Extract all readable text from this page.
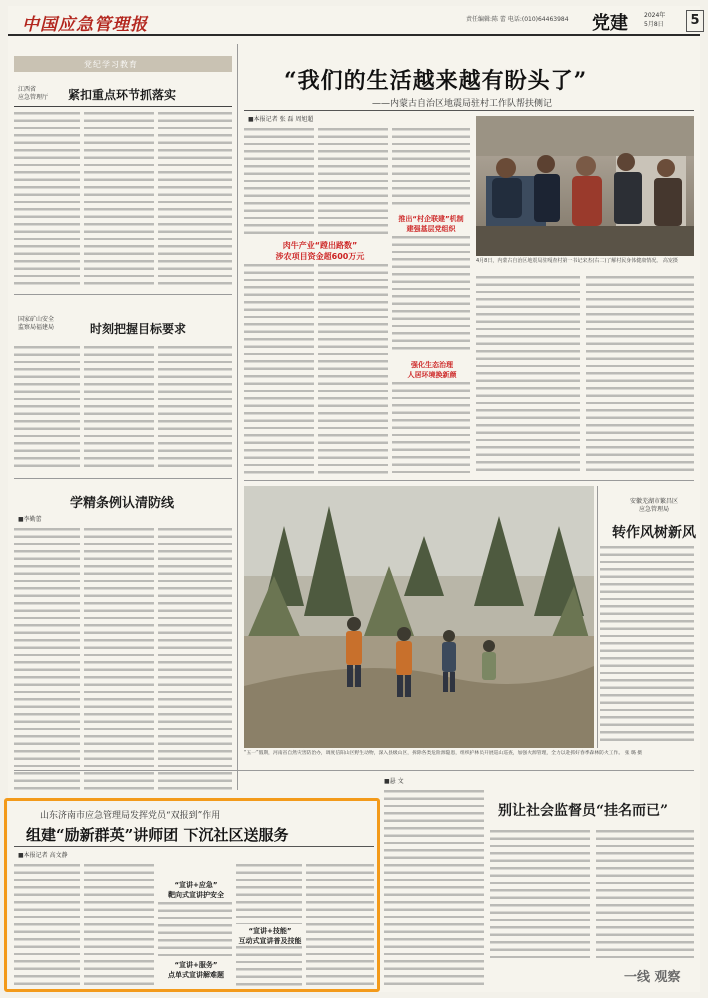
中国应急管理报	责任编辑:陈 蕾 电话:(010)64463984 党建	2024年
5月8日	5
党纪学习教育
江西省
应急管理厅	紧扣重点环节抓落实
国家矿山安全
监察局福建局	时刻把握目标要求
学精条例认清防线
■李勤蕾
“我们的生活越来越有盼头了”
——内蒙古自治区地震局驻村工作队帮扶侧记
■本报记者 张 磊 周旭超
肉牛产业“蹚出路数”
涉农项目资金超600万元
推出“村企联建”机制
建强基层党组织
强化生态治理
人居环境换新颜
4月8日，内蒙古自治区地震局驻嘎查村第一书记宋杰(右二)了解村民身体健康情况。 高宠摄
“五一”假期，河南省自然灾害防治办，调度信阳山区野生动物，深入县级山区，拆除各类危险源隐患，组织护林员开展巡山巡查，加强火源管理，全力以赴抓好春季森林防火工作。 张 璐 摄
安徽芜湖市繁昌区
应急管理局
转作风树新风
山东济南市应急管理局发挥党员“双报到”作用
组建“励新群英”讲师团 下沉社区送服务
■本报记者 高文静
“宣讲+应急”
靶向式宣讲护安全
“宣讲+服务”
点单式宣讲解难题
“宣讲+技能”
互动式宣讲普及技能
■悬 文
别让社会监督员“挂名而已”
一线 观察
